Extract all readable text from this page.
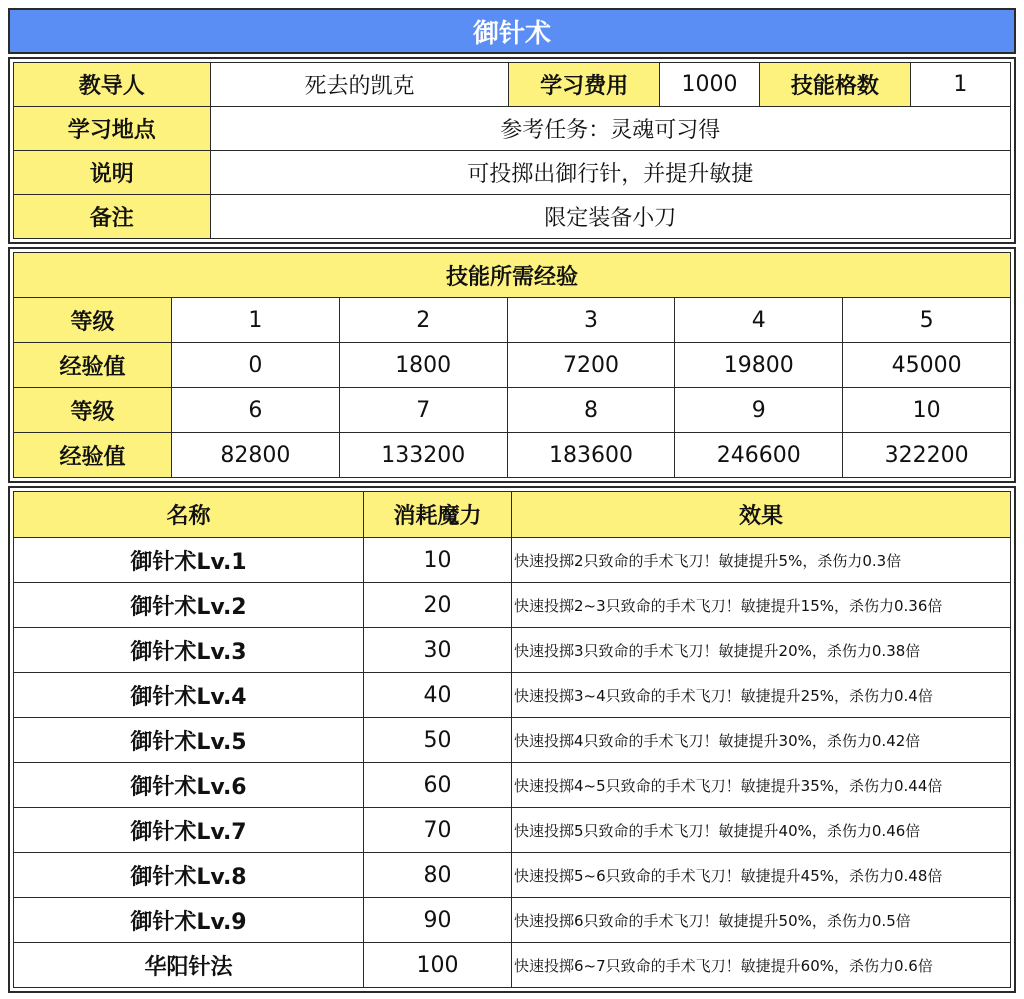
御针术
教导人	死去的凯克	学习费用	1000	技能格数	1
学习地点	参考任务：灵魂可习得				
说明	可投掷出御行针，并提升敏捷				
备注	限定装备小刀				
技能所需经验					
等级	1	2	3	4	5
经验值	0	1800	7200	19800	45000
等级	6	7	8	9	10
经验值	82800	133200	183600	246600	322200
名称	消耗魔力	效果
御针术Lv.1	10	快速投掷2只致命的手术飞刀！敏捷提升5%，杀伤力0.3倍
御针术Lv.2	20	快速投掷2~3只致命的手术飞刀！敏捷提升15%，杀伤力0.36倍
御针术Lv.3	30	快速投掷3只致命的手术飞刀！敏捷提升20%，杀伤力0.38倍
御针术Lv.4	40	快速投掷3~4只致命的手术飞刀！敏捷提升25%，杀伤力0.4倍
御针术Lv.5	50	快速投掷4只致命的手术飞刀！敏捷提升30%，杀伤力0.42倍
御针术Lv.6	60	快速投掷4~5只致命的手术飞刀！敏捷提升35%，杀伤力0.44倍
御针术Lv.7	70	快速投掷5只致命的手术飞刀！敏捷提升40%，杀伤力0.46倍
御针术Lv.8	80	快速投掷5~6只致命的手术飞刀！敏捷提升45%，杀伤力0.48倍
御针术Lv.9	90	快速投掷6只致命的手术飞刀！敏捷提升50%，杀伤力0.5倍
华阳针法	100	快速投掷6~7只致命的手术飞刀！敏捷提升60%，杀伤力0.6倍
